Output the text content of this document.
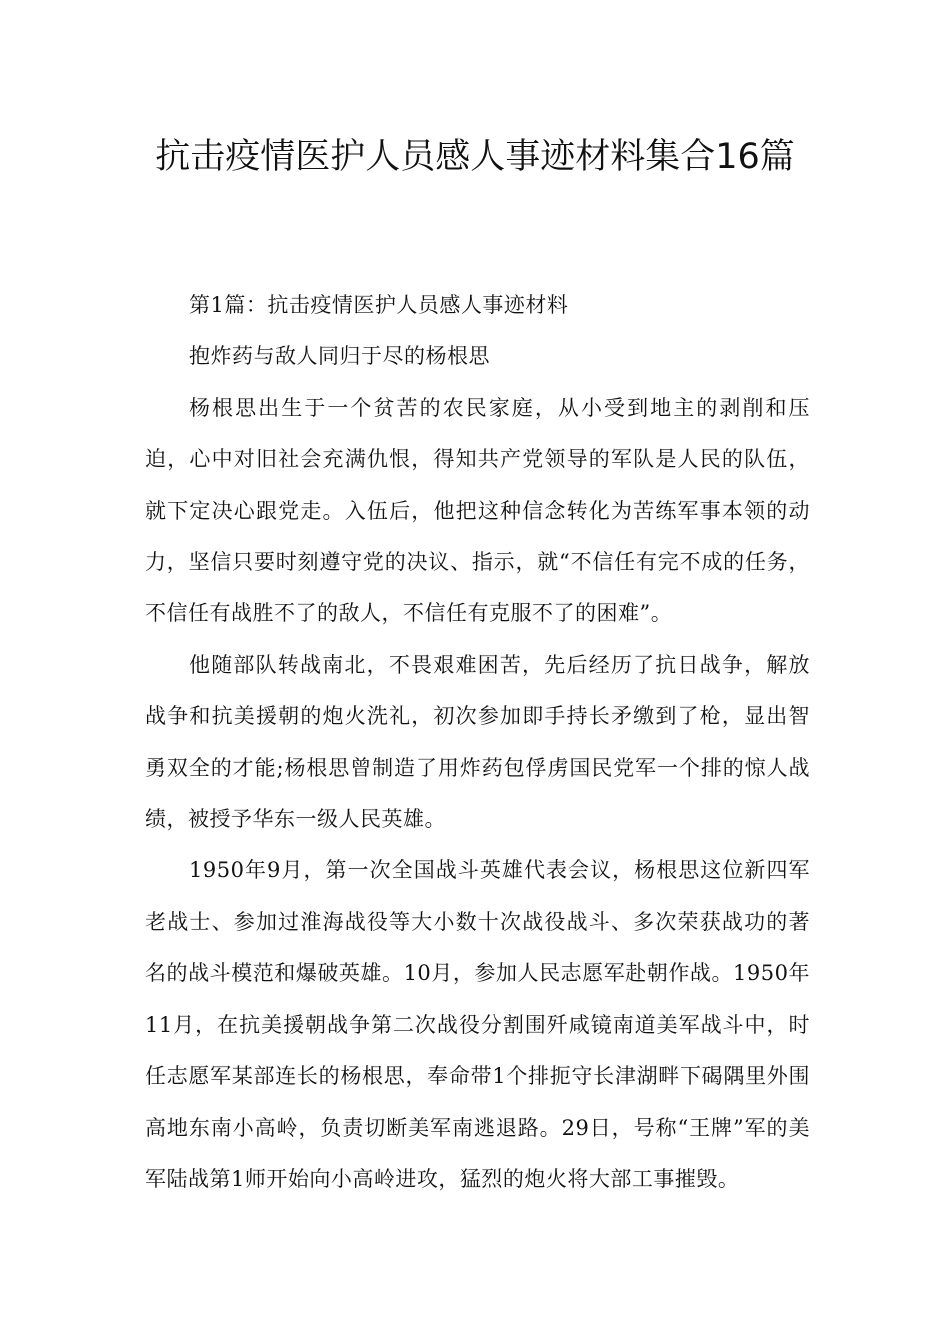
抗击疫情医护人员感人事迹材料集合16篇

第1篇：抗击疫情医护人员感人事迹材料

抱炸药与敌人同归于尽的杨根思

杨根思出生于一个贫苦的农民家庭，从小受到地主的剥削和压迫，心中对旧社会充满仇恨，得知共产党领导的军队是人民的队伍，就下定决心跟党走。入伍后，他把这种信念转化为苦练军事本领的动力，坚信只要时刻遵守党的决议、指示，就“不信任有完不成的任务，不信任有战胜不了的敌人，不信任有克服不了的困难”。

他随部队转战南北，不畏艰难困苦，先后经历了抗日战争，解放战争和抗美援朝的炮火洗礼，初次参加即手持长矛缴到了枪，显出智勇双全的才能;杨根思曾制造了用炸药包俘虏国民党军一个排的惊人战绩，被授予华东一级人民英雄。

1950年9月，第一次全国战斗英雄代表会议，杨根思这位新四军老战士、参加过淮海战役等大小数十次战役战斗、多次荣获战功的著名的战斗模范和爆破英雄。10月，参加人民志愿军赴朝作战。1950年11月，在抗美援朝战争第二次战役分割围歼咸镜南道美军战斗中，时任志愿军某部连长的杨根思，奉命带1个排扼守长津湖畔下碣隅里外围高地东南小高岭，负责切断美军南逃退路。29日，号称“王牌”军的美军陆战第1师开始向小高岭进攻，猛烈的炮火将大部工事摧毁。
